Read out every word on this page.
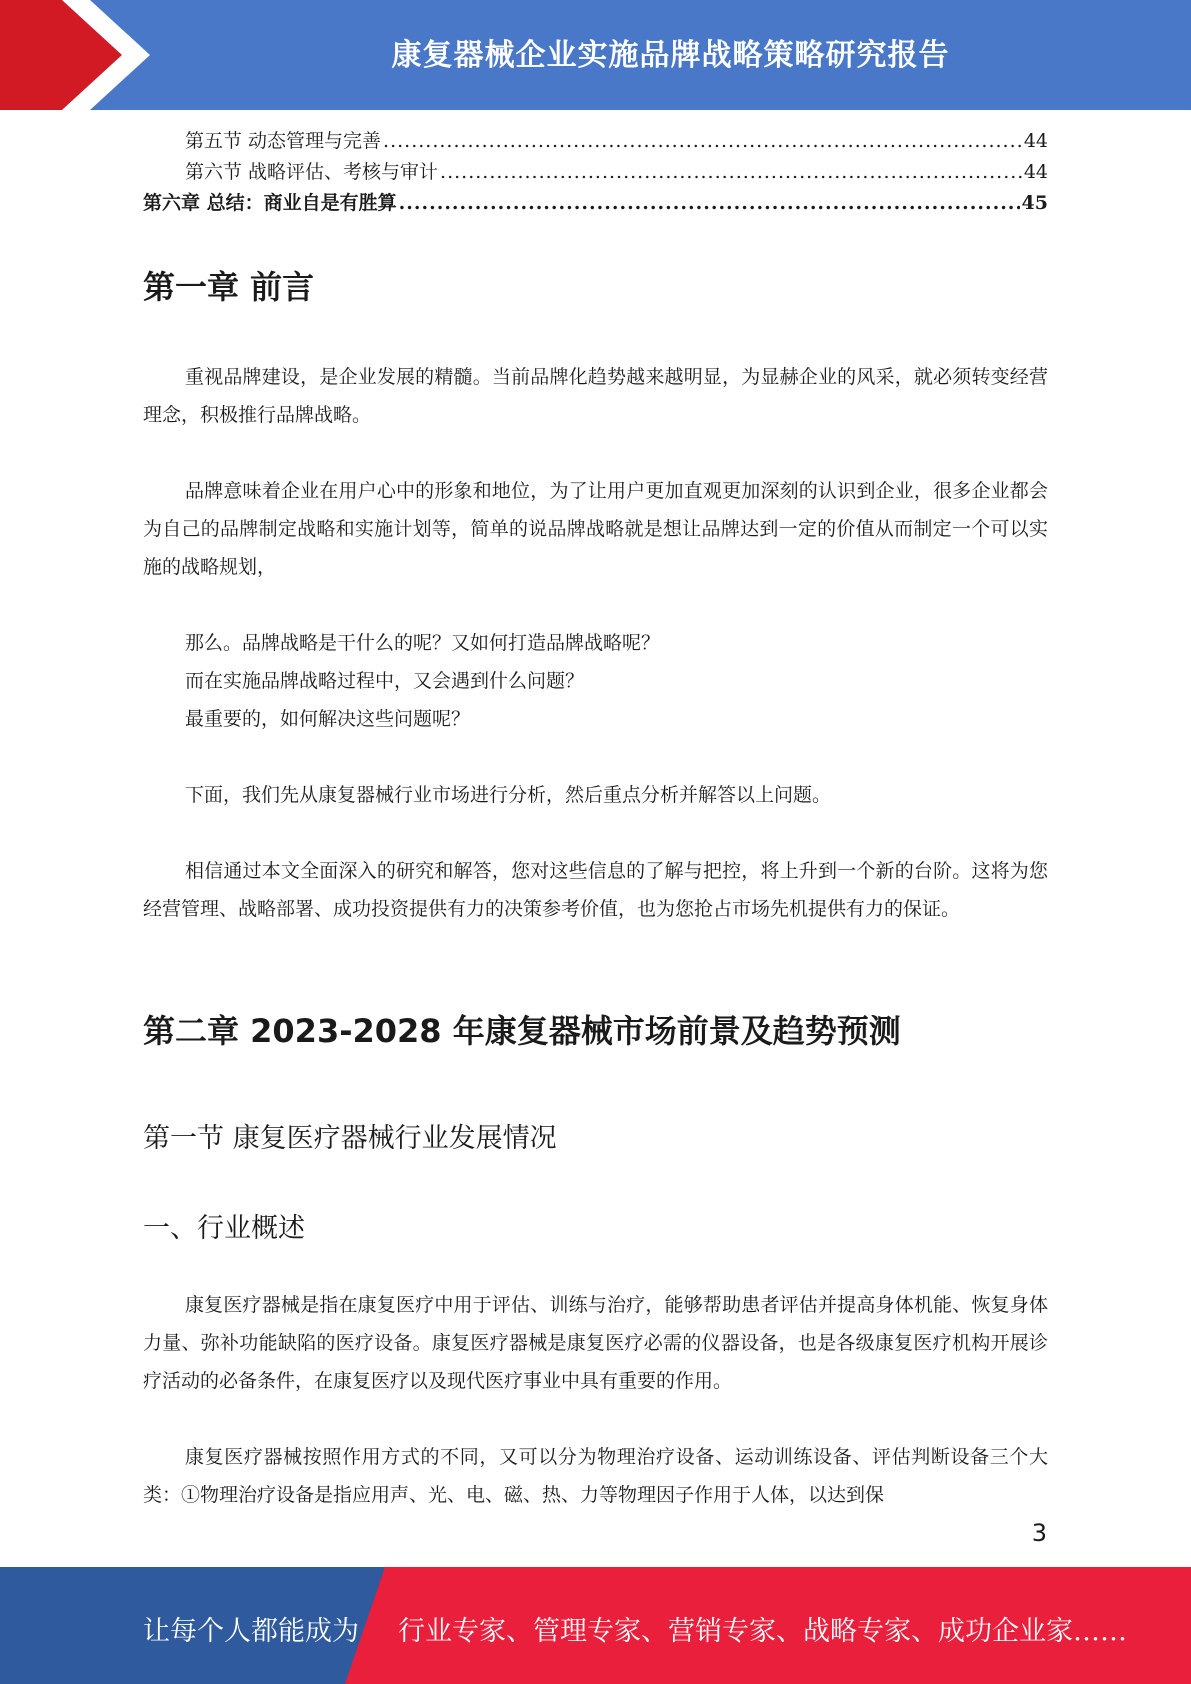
康复器械企业实施品牌战略策略研究报告
第五节 动态管理与完善 .....	44
第六节 战略评估、考核与审计 .....	44
第六章 总结：商业自是有胜算 .....	45
第一章 前言

重视品牌建设，是企业发展的精髓。当前品牌化趋势越来越明显，为显赫企业的风采，就必须转变经营理念，积极推行品牌战略。

品牌意味着企业在用户心中的形象和地位，为了让用户更加直观更加深刻的认识到企业，很多企业都会为自己的品牌制定战略和实施计划等，简单的说品牌战略就是想让品牌达到一定的价值从而制定一个可以实施的战略规划，

那么。品牌战略是干什么的呢？又如何打造品牌战略呢？

而在实施品牌战略过程中，又会遇到什么问题？

最重要的，如何解决这些问题呢？

下面，我们先从康复器械行业市场进行分析，然后重点分析并解答以上问题。

相信通过本文全面深入的研究和解答，您对这些信息的了解与把控，将上升到一个新的台阶。这将为您经营管理、战略部署、成功投资提供有力的决策参考价值，也为您抢占市场先机提供有力的保证。

第二章 2023-2028 年康复器械市场前景及趋势预测
第一节 康复医疗器械行业发展情况
一、行业概述

康复医疗器械是指在康复医疗中用于评估、训练与治疗，能够帮助患者评估并提高身体机能、恢复身体力量、弥补功能缺陷的医疗设备。康复医疗器械是康复医疗必需的仪器设备，也是各级康复医疗机构开展诊疗活动的必备条件，在康复医疗以及现代医疗事业中具有重要的作用。

康复医疗器械按照作用方式的不同，又可以分为物理治疗设备、运动训练设备、评估判断设备三个大类：①物理治疗设备是指应用声、光、电、磁、热、力等物理因子作用于人体，以达到保

3
让每个人都能成为 行业专家、管理专家、营销专家、战略专家、成功企业家……
